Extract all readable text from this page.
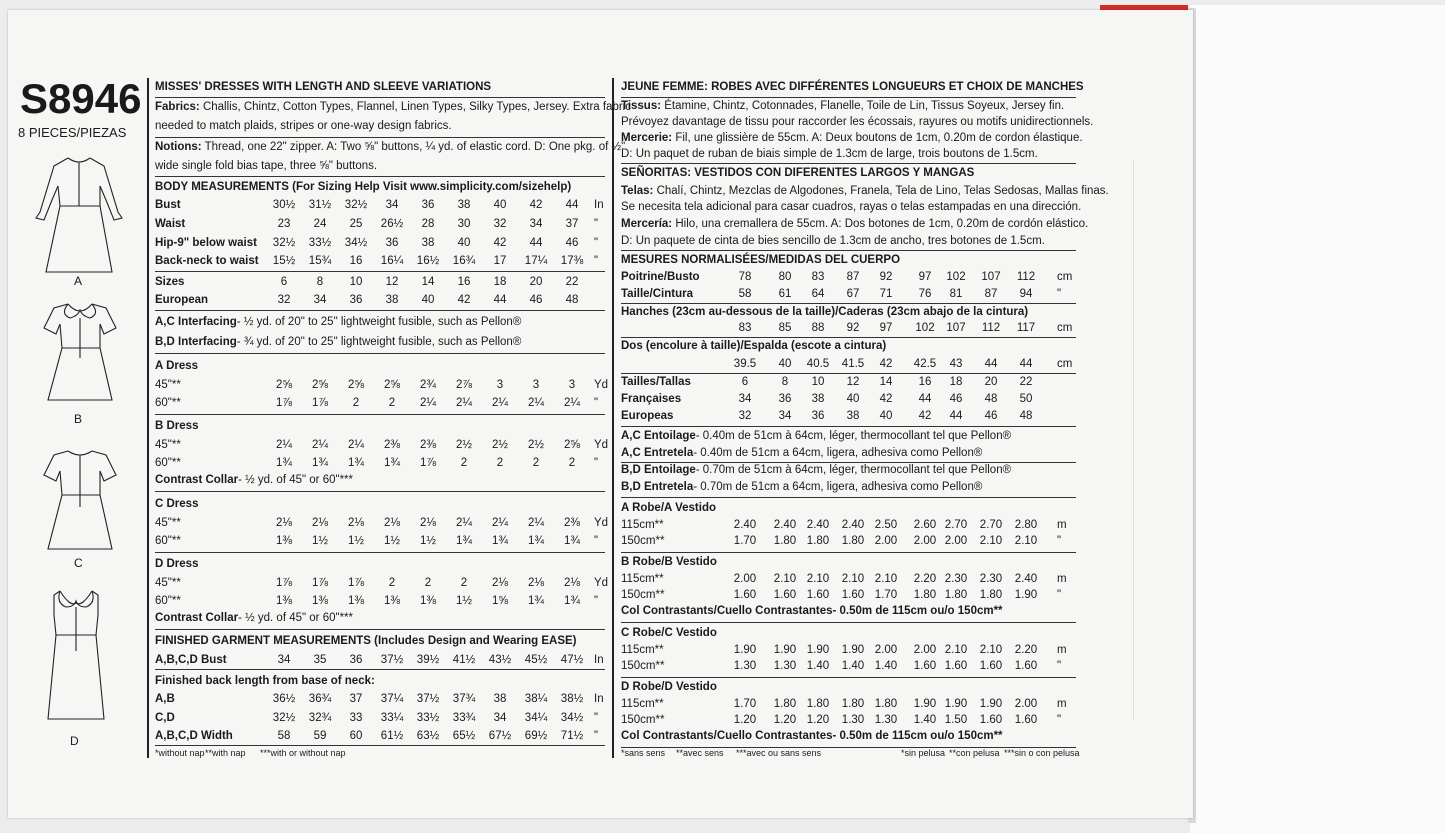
S8946
8 PIECES/PIEZAS
A
B
C
D
MISSES' DRESSES WITH LENGTH AND SLEEVE VARIATIONS
Fabrics: Challis, Chintz, Cotton Types, Flannel, Linen Types, Silky Types, Jersey. Extra fabric
needed to match plaids, stripes or one-way design fabrics.
Notions: Thread, one 22" zipper. A: Two ⅝" buttons, ¼ yd. of elastic cord. D: One pkg. of ½"
wide single fold bias tape, three ⅝" buttons.
BODY MEASUREMENTS (For Sizing Help Visit www.simplicity.com/sizehelp)
Bust	30½	31½	32½	34	36	38	40	42	44	In
Waist	23	24	25	26½	28	30	32	34	37	"
Hip-9" below waist	32½	33½	34½	36	38	40	42	44	46	"
Back-neck to waist	15½	15¾	16	16¼	16½	16¾	17	17¼	17⅜ "
Sizes	6	8	10	12	14	16	18	20	22
European	32	34	36	38	40	42	44	46	48
A,C Interfacing- ½ yd. of 20" to 25" lightweight fusible, such as Pellon®
B,D Interfacing- ¾ yd. of 20" to 25" lightweight fusible, such as Pellon®
A Dress
45"**	2⅝	2⅝	2⅝	2⅝	2¾	2⅞	3	3	3	Yd
60"**	1⅞	1⅞	2	2	2¼	2¼	2¼	2¼	2¼	"
B Dress
45"**	2¼	2¼	2¼	2⅜	2⅜	2½	2½	2½	2⅝	Yd
60"**	1¾	1¾	1¾	1¾	1⅞	2	2	2	2	"
Contrast Collar- ½ yd. of 45" or 60"***
C Dress
45"**	2⅛	2⅛	2⅛	2⅛	2⅛	2¼	2¼	2¼	2⅜	Yd
60"**	1⅜	1½	1½	1½	1½	1¾	1¾	1¾	1¾	"
D Dress
45"**	1⅞	1⅞	1⅞	2	2	2	2⅛	2⅛	2⅛	Yd
60"**	1⅜	1⅜	1⅜	1⅜	1⅜	1½	1⅝	1¾	1¾	"
Contrast Collar- ½ yd. of 45" or 60"***
FINISHED GARMENT MEASUREMENTS (Includes Design and Wearing EASE)
A,B,C,D Bust	34	35	36	37½	39½	41½	43½	45½	47½ In
Finished back length from base of neck:
A,B	36½	36¾	37	37¼	37½	37¾	38	38¼	38½ In
C,D	32½	32¾	33	33¼	33½	33¾	34	34¼	34½ "
A,B,C,D Width	58	59	60	61½	63½	65½	67½	69½	71½ "
*without nap **with nap ***with or without nap
JEUNE FEMME: ROBES AVEC DIFFÉRENTES LONGUEURS ET CHOIX DE MANCHES
Tissus: Étamine, Chintz, Cotonnades, Flanelle, Toile de Lin, Tissus Soyeux, Jersey fin.
Prévoyez davantage de tissu pour raccorder les écossais, rayures ou motifs unidirectionnels.
Mercerie: Fil, une glissière de 55cm. A: Deux boutons de 1cm, 0.20m de cordon élastique.
D: Un paquet de ruban de biais simple de 1.3cm de large, trois boutons de 1.5cm.
SEÑORITAS: VESTIDOS CON DIFERENTES LARGOS Y MANGAS
Telas: Chalí, Chintz, Mezclas de Algodones, Franela, Tela de Lino, Telas Sedosas, Mallas finas.
Se necesita tela adicional para casar cuadros, rayas o telas estampadas en una dirección.
Mercería: Hilo, una cremallera de 55cm. A: Dos botones de 1cm, 0.20m de cordón elástico.
D: Un paquete de cinta de bies sencillo de 1.3cm de ancho, tres botones de 1.5cm.
MESURES NORMALISÉES/MEDIDAS DEL CUERPO
Poitrine/Busto	78	80	83	87	92	97	102	107	112	cm
Taille/Cintura	58	61	64	67	71	76	81	87	94	"
Hanches (23cm au-dessous de la taille)/Caderas (23cm abajo de la cintura)
83	85	88	92	97	102	107	112	117	cm
Dos (encolure à taille)/Espalda (escote a cintura)
39.5	40	40.5	41.5	42	42.5	43	44	44	cm
Tailles/Tallas	6	8	10	12	14	16	18	20	22
Françaises	34	36	38	40	42	44	46	48	50
Europeas	32	34	36	38	40	42	44	46	48
A,C Entoilage- 0.40m de 51cm à 64cm, léger, thermocollant tel que Pellon®
A,C Entretela- 0.40m de 51cm a 64cm, ligera, adhesiva como Pellon®
B,D Entoilage- 0.70m de 51cm à 64cm, léger, thermocollant tel que Pellon®
B,D Entretela- 0.70m de 51cm a 64cm, ligera, adhesiva como Pellon®
A Robe/A Vestido
115cm**	2.40	2.40 2.40	2.40 2.50	2.60 2.70	2.70	2.80	m
150cm**	1.70	1.80 1.80	1.80 2.00	2.00 2.00	2.10	2.10	"
B Robe/B Vestido
115cm**	2.00	2.10 2.10	2.10 2.10	2.20 2.30	2.30	2.40	m
150cm**	1.60	1.60 1.60	1.60 1.70	1.80 1.80	1.80	1.90	"
Col Contrastants/Cuello Contrastantes- 0.50m de 115cm ou/o 150cm**
C Robe/C Vestido
115cm**	1.90	1.90 1.90	1.90 2.00	2.00 2.10	2.10	2.20	m
150cm**	1.30	1.30 1.40	1.40 1.40	1.60 1.60	1.60	1.60	"
D Robe/D Vestido
115cm**	1.70	1.80 1.80	1.80 1.80	1.90 1.90	1.90	2.00	m
150cm**	1.20	1.20 1.20	1.30 1.30	1.40 1.50	1.60	1.60	"
Col Contrastants/Cuello Contrastantes- 0.50m de 115cm ou/o 150cm**
*sans sens **avec sens ***avec ou sans sens	*sin pelusa **con pelusa ***sin o con pelusa
